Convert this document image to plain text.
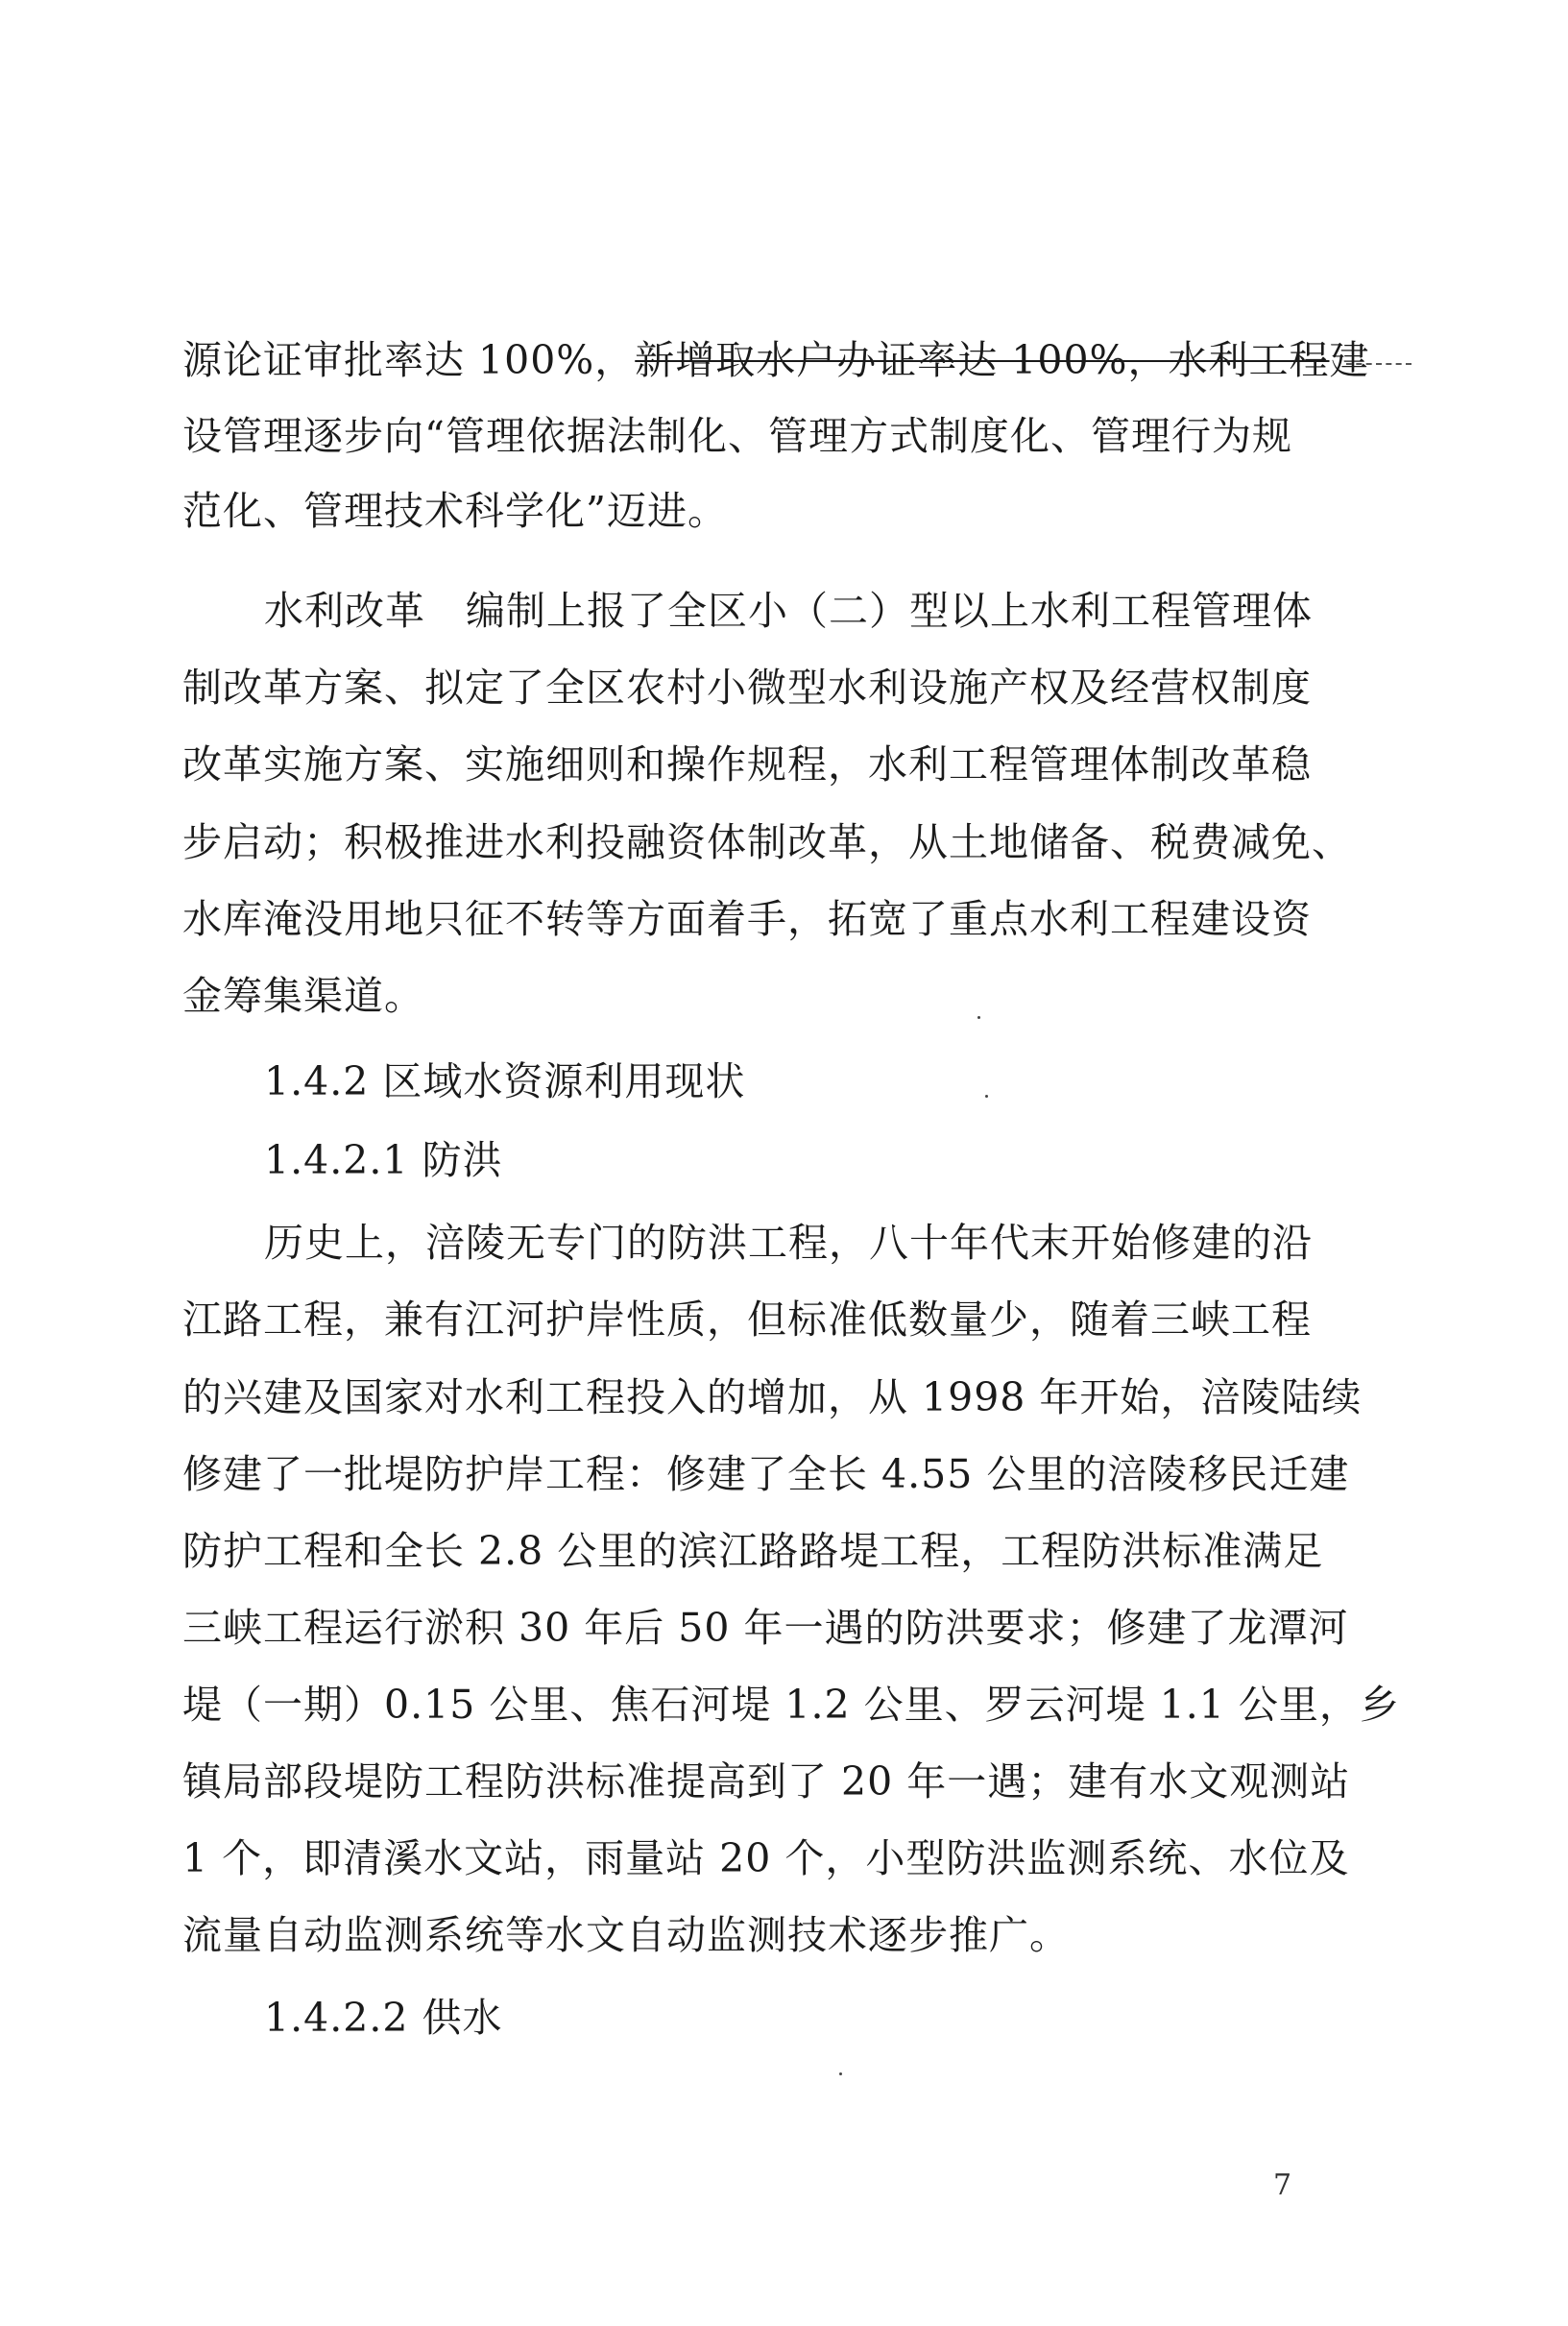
源论证审批率达 100%，新增取水户办证率达 100%，水利工程建
设管理逐步向“管理依据法制化、管理方式制度化、管理行为规
范化、管理技术科学化”迈进。
水利改革　编制上报了全区小（二）型以上水利工程管理体
制改革方案、拟定了全区农村小微型水利设施产权及经营权制度
改革实施方案、实施细则和操作规程，水利工程管理体制改革稳
步启动；积极推进水利投融资体制改革，从土地储备、税费减免、
水库淹没用地只征不转等方面着手，拓宽了重点水利工程建设资
金筹集渠道。
1.4.2 区域水资源利用现状
1.4.2.1 防洪
历史上，涪陵无专门的防洪工程，八十年代末开始修建的沿
江路工程，兼有江河护岸性质，但标准低数量少，随着三峡工程
的兴建及国家对水利工程投入的增加，从 1998 年开始，涪陵陆续
修建了一批堤防护岸工程：修建了全长 4.55 公里的涪陵移民迁建
防护工程和全长 2.8 公里的滨江路路堤工程，工程防洪标准满足
三峡工程运行淤积 30 年后 50 年一遇的防洪要求；修建了龙潭河
堤（一期）0.15 公里、焦石河堤 1.2 公里、罗云河堤 1.1 公里，乡
镇局部段堤防工程防洪标准提高到了 20 年一遇；建有水文观测站
1 个，即清溪水文站，雨量站 20 个，小型防洪监测系统、水位及
流量自动监测系统等水文自动监测技术逐步推广。
1.4.2.2 供水
7
